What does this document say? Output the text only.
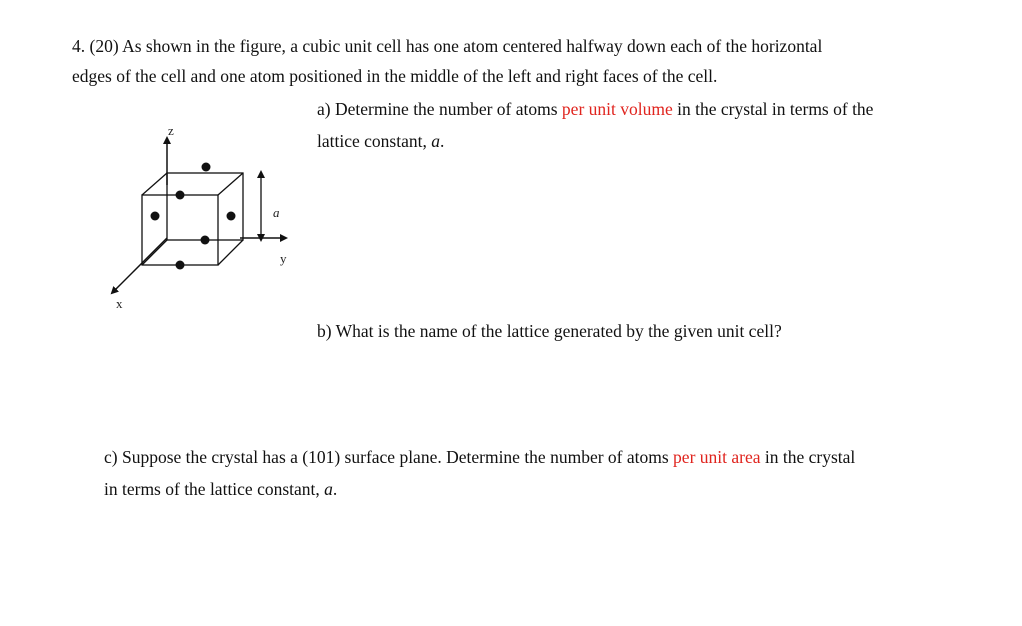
4. (20) As shown in the figure, a cubic unit cell has one atom centered halfway down each of the horizontal
edges of the cell and one atom positioned in the middle of the left and right faces of the cell.
a) Determine the number of atoms per unit volume in the crystal in terms of the
lattice constant, a.
b) What is the name of the lattice generated by the given unit cell?
c) Suppose the crystal has a (101) surface plane. Determine the number of atoms per unit area in the crystal
in terms of the lattice constant, a.
z
y
x
a
